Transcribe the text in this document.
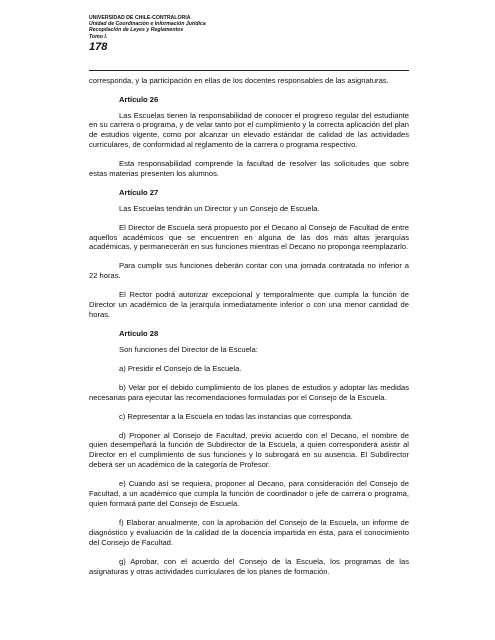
UNIVERSIDAD DE CHILE-CONTRALORIA
Unidad de Coordinación e Información Jurídica
Recopilación de Leyes y Reglamentos
Tomo I.
178

corresponda, y la participación en ellas de los docentes responsables de las asignaturas.

Artículo 26

Las Escuelas tienen la responsabilidad de conocer el progreso regular del estudiante en su carrera o programa, y de velar tanto por el cumplimiento y la correcta aplicación del plan de estudios vigente, como por alcanzar un elevado estándar de calidad de las actividades curriculares, de conformidad al reglamento de la carrera o programa respectivo.

Esta responsabilidad comprende la facultad de resolver las solicitudes que sobre estas materias presenten los alumnos.

Artículo 27

Las Escuelas tendrán un Director y un Consejo de Escuela.

El Director de Escuela será propuesto por el Decano al Consejo de Facultad de entre aquellos académicos que se encuentren en alguna de las dos más altas jerarquías académicas, y permanecerán en sus funciones mientras el Decano no proponga reemplazarlo.

Para cumplir sus funciones deberán contar con una jornada contratada no inferior a 22 horas.

El Rector podrá autorizar excepcional y temporalmente que cumpla la función de Director un académico de la jerarquía inmediatamente inferior o con una menor cantidad de horas.

Artículo 28

Son funciones del Director de la Escuela:

a) Presidir el Consejo de la Escuela.

b) Velar por el debido cumplimiento de los planes de estudios y adoptar las medidas necesarias para ejecutar las recomendaciones formuladas por el Consejo de la Escuela.

c) Representar a la Escuela en todas las instancias que corresponda.

d) Proponer al Consejo de Facultad, previo acuerdo con el Decano, el nombre de quien desempeñará la función de Subdirector de la Escuela, a quien corresponderá asistir al Director en el cumplimiento de sus funciones y lo subrogará en su ausencia. El Subdirector deberá ser un académico de la categoría de Profesor.

e) Cuando así se requiera, proponer al Decano, para consideración del Consejo de Facultad, a un académico que cumpla la función de coordinador o jefe de carrera o programa, quien formará parte del Consejo de Escuela.

f) Elaborar anualmente, con la aprobación del Consejo de la Escuela, un informe de diagnóstico y evaluación de la calidad de la docencia impartida en ésta, para el conocimiento del Consejo de Facultad.

g) Aprobar, con el acuerdo del Consejo de la Escuela, los programas de las asignaturas y otras actividades curriculares de los planes de formación.
